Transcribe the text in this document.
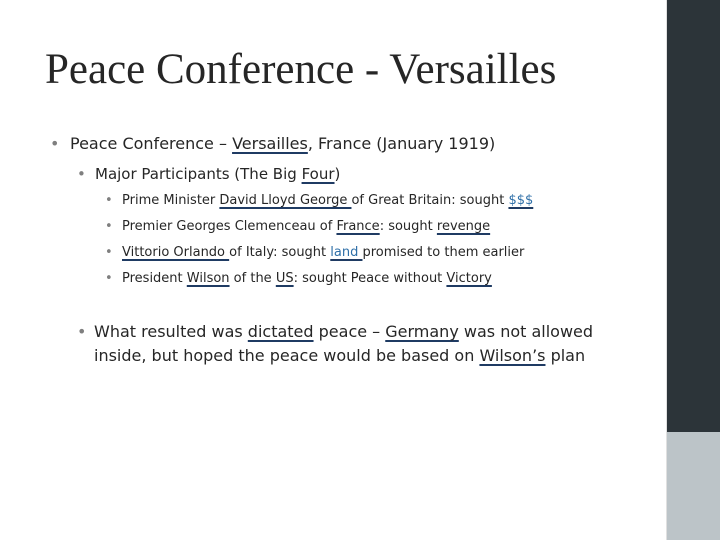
Peace Conference - Versailles
• Peace Conference – Versailles, France (January 1919)
• Major Participants (The Big Four)
• Prime Minister David Lloyd George of Great Britain: sought $$$
• Premier Georges Clemenceau of France: sought revenge
• Vittorio Orlando of Italy: sought land promised to them earlier
• President Wilson of the US: sought Peace without Victory
• What resulted was dictated peace – Germany was not allowed
inside, but hoped the peace would be based on Wilson’s plan
